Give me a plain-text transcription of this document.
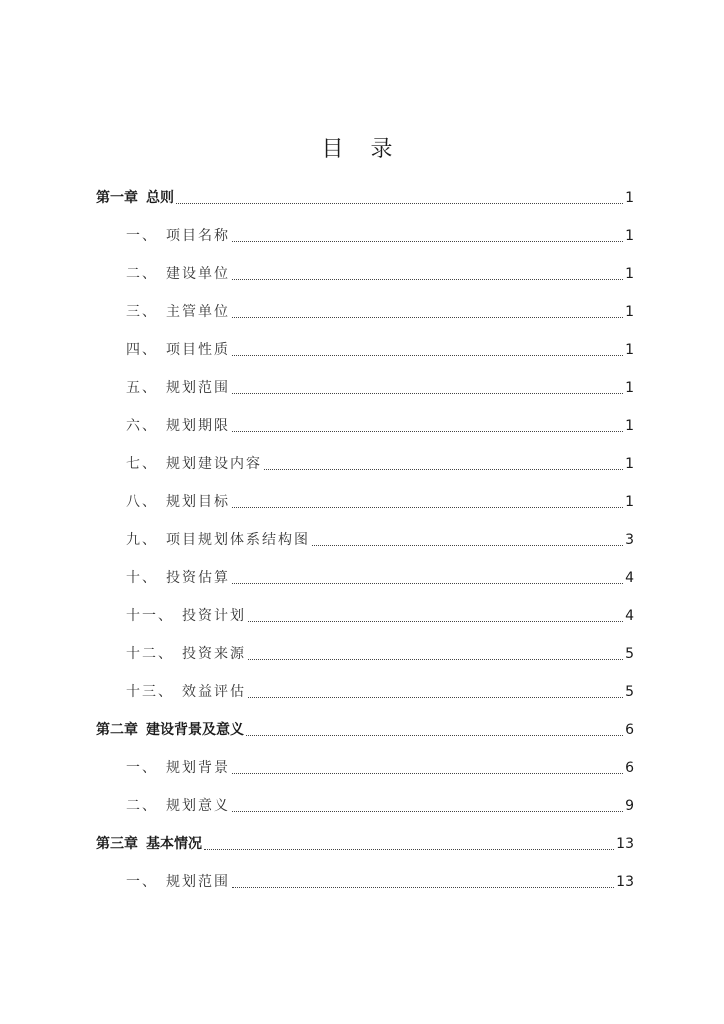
目 录
第一章 总则	1
一、 项目名称	1
二、 建设单位	1
三、 主管单位	1
四、 项目性质	1
五、 规划范围	1
六、 规划期限	1
七、 规划建设内容	1
八、 规划目标	1
九、 项目规划体系结构图	3
十、 投资估算	4
十一、 投资计划	4
十二、 投资来源	5
十三、 效益评估	5
第二章 建设背景及意义	6
一、 规划背景	6
二、 规划意义	9
第三章 基本情况	13
一、 规划范围	13
